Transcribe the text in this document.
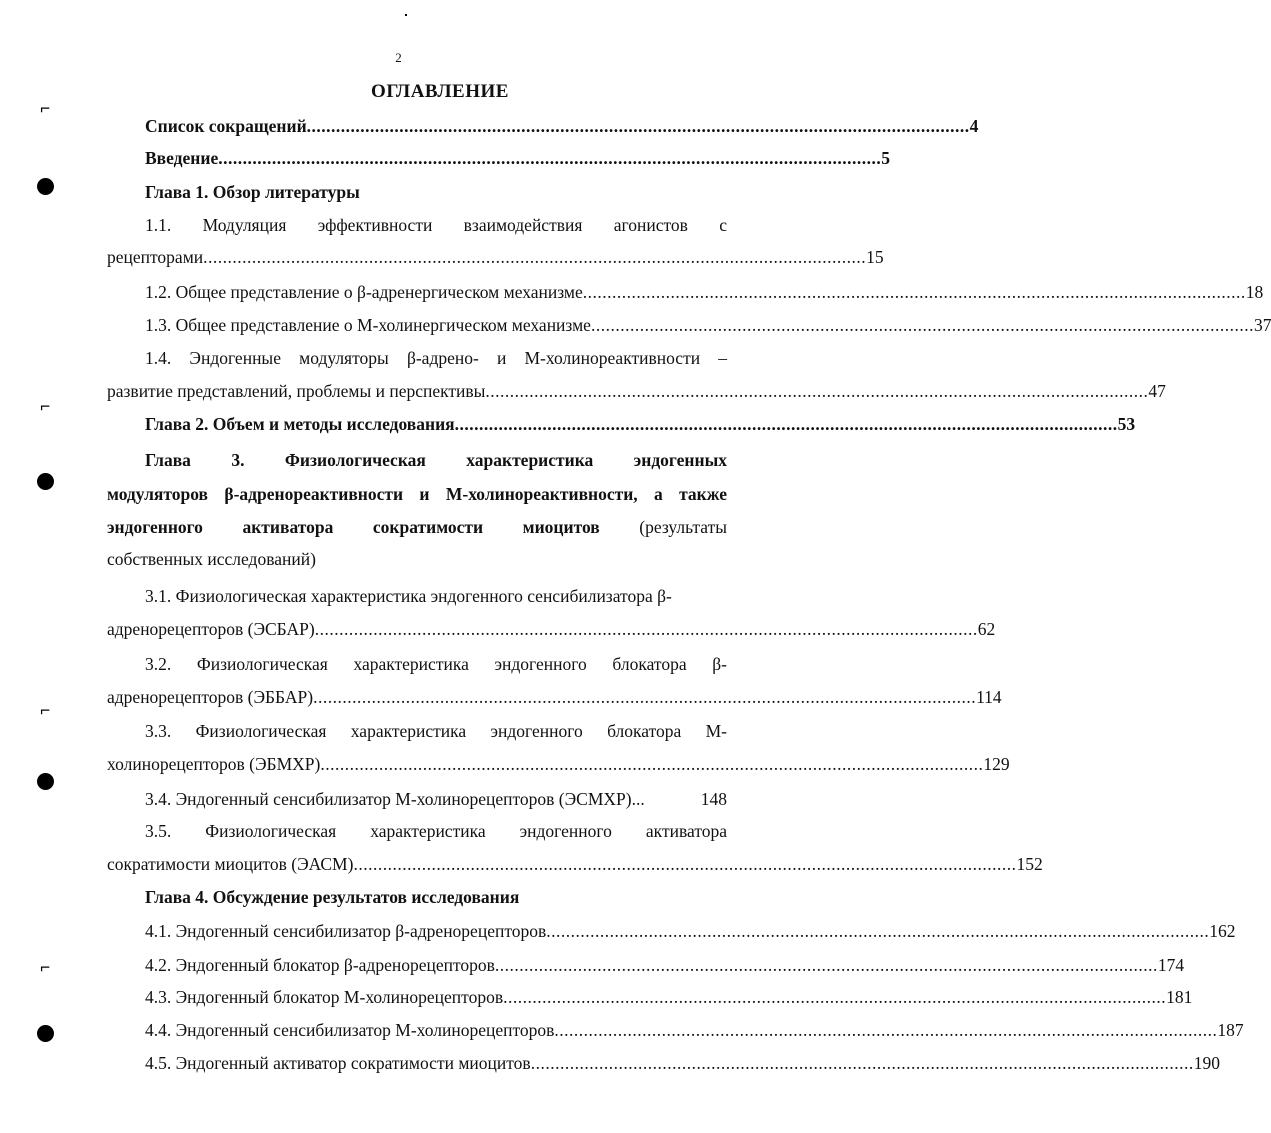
2
ОГЛАВЛЕНИЕ
⌐
⌐
⌐
⌐
Список сокращений ........................................................................................................................................ 4
Введение ........................................................................................................................................ 5
Глава 1. Обзор литературы
1.1. Модуляция эффективности взаимодействия агонистов с
рецепторами ........................................................................................................................................ 15
1.2. Общее представление о β-адренергическом механизме ........................................................................................................................................ 18
1.3. Общее представление о М-холинергическом механизме ........................................................................................................................................ 37
1.4. Эндогенные модуляторы β-адрено- и М-холинореактивности –
развитие представлений, проблемы и перспективы ........................................................................................................................................ 47
Глава 2. Объем и методы исследования ........................................................................................................................................ 53
Глава 3. Физиологическая характеристика эндогенных
модуляторов β-адренореактивности и М-холинореактивности, а также
эндогенного активатора сократимости миоцитов (результаты
собственных исследований)
3.1. Физиологическая характеристика эндогенного сенсибилизатора β-
адренорецепторов (ЭСБАР) ........................................................................................................................................ 62
3.2. Физиологическая характеристика эндогенного блокатора β-
адренорецепторов (ЭББАР) ........................................................................................................................................ 114
3.3. Физиологическая характеристика эндогенного блокатора М-
холинорецепторов (ЭБМХР) ........................................................................................................................................ 129
3.4. Эндогенный сенсибилизатор М-холинорецепторов (ЭСМХР)...	148
3.5. Физиологическая характеристика эндогенного активатора
сократимости миоцитов (ЭАСМ) ........................................................................................................................................ 152
Глава 4. Обсуждение результатов исследования
4.1. Эндогенный сенсибилизатор β-адренорецепторов ........................................................................................................................................ 162
4.2. Эндогенный блокатор β-адренорецепторов ........................................................................................................................................ 174
4.3. Эндогенный блокатор М-холинорецепторов ........................................................................................................................................ 181
4.4. Эндогенный сенсибилизатор М-холинорецепторов ........................................................................................................................................ 187
4.5. Эндогенный активатор сократимости миоцитов ........................................................................................................................................ 190
